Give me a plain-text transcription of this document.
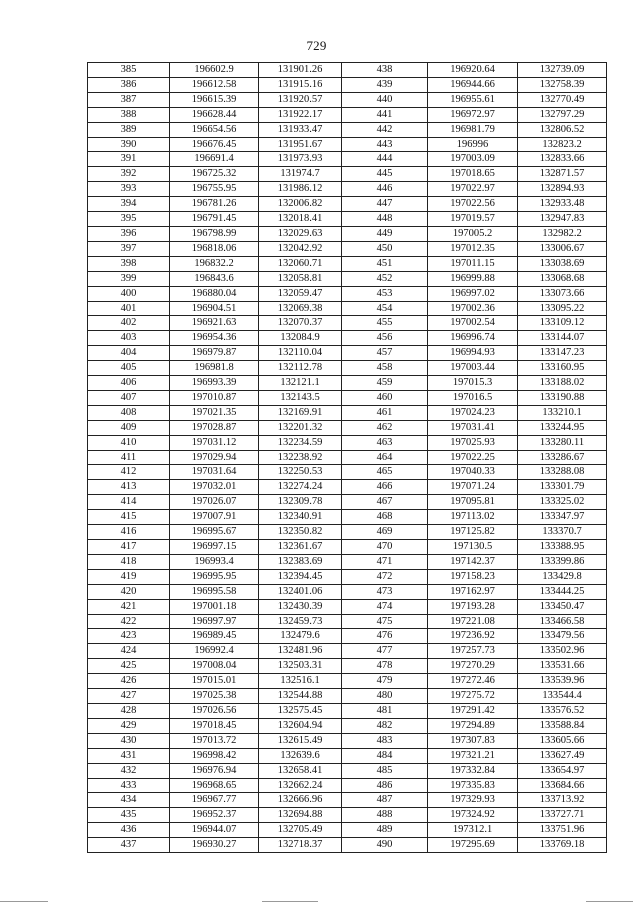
729
385	196602.9	131901.26	438	196920.64	132739.09
386	196612.58	131915.16	439	196944.66	132758.39
387	196615.39	131920.57	440	196955.61	132770.49
388	196628.44	131922.17	441	196972.97	132797.29
389	196654.56	131933.47	442	196981.79	132806.52
390	196676.45	131951.67	443	196996	132823.2
391	196691.4	131973.93	444	197003.09	132833.66
392	196725.32	131974.7	445	197018.65	132871.57
393	196755.95	131986.12	446	197022.97	132894.93
394	196781.26	132006.82	447	197022.56	132933.48
395	196791.45	132018.41	448	197019.57	132947.83
396	196798.99	132029.63	449	197005.2	132982.2
397	196818.06	132042.92	450	197012.35	133006.67
398	196832.2	132060.71	451	197011.15	133038.69
399	196843.6	132058.81	452	196999.88	133068.68
400	196880.04	132059.47	453	196997.02	133073.66
401	196904.51	132069.38	454	197002.36	133095.22
402	196921.63	132070.37	455	197002.54	133109.12
403	196954.36	132084.9	456	196996.74	133144.07
404	196979.87	132110.04	457	196994.93	133147.23
405	196981.8	132112.78	458	197003.44	133160.95
406	196993.39	132121.1	459	197015.3	133188.02
407	197010.87	132143.5	460	197016.5	133190.88
408	197021.35	132169.91	461	197024.23	133210.1
409	197028.87	132201.32	462	197031.41	133244.95
410	197031.12	132234.59	463	197025.93	133280.11
411	197029.94	132238.92	464	197022.25	133286.67
412	197031.64	132250.53	465	197040.33	133288.08
413	197032.01	132274.24	466	197071.24	133301.79
414	197026.07	132309.78	467	197095.81	133325.02
415	197007.91	132340.91	468	197113.02	133347.97
416	196995.67	132350.82	469	197125.82	133370.7
417	196997.15	132361.67	470	197130.5	133388.95
418	196993.4	132383.69	471	197142.37	133399.86
419	196995.95	132394.45	472	197158.23	133429.8
420	196995.58	132401.06	473	197162.97	133444.25
421	197001.18	132430.39	474	197193.28	133450.47
422	196997.97	132459.73	475	197221.08	133466.58
423	196989.45	132479.6	476	197236.92	133479.56
424	196992.4	132481.96	477	197257.73	133502.96
425	197008.04	132503.31	478	197270.29	133531.66
426	197015.01	132516.1	479	197272.46	133539.96
427	197025.38	132544.88	480	197275.72	133544.4
428	197026.56	132575.45	481	197291.42	133576.52
429	197018.45	132604.94	482	197294.89	133588.84
430	197013.72	132615.49	483	197307.83	133605.66
431	196998.42	132639.6	484	197321.21	133627.49
432	196976.94	132658.41	485	197332.84	133654.97
433	196968.65	132662.24	486	197335.83	133684.66
434	196967.77	132666.96	487	197329.93	133713.92
435	196952.37	132694.88	488	197324.92	133727.71
436	196944.07	132705.49	489	197312.1	133751.96
437	196930.27	132718.37	490	197295.69	133769.18
